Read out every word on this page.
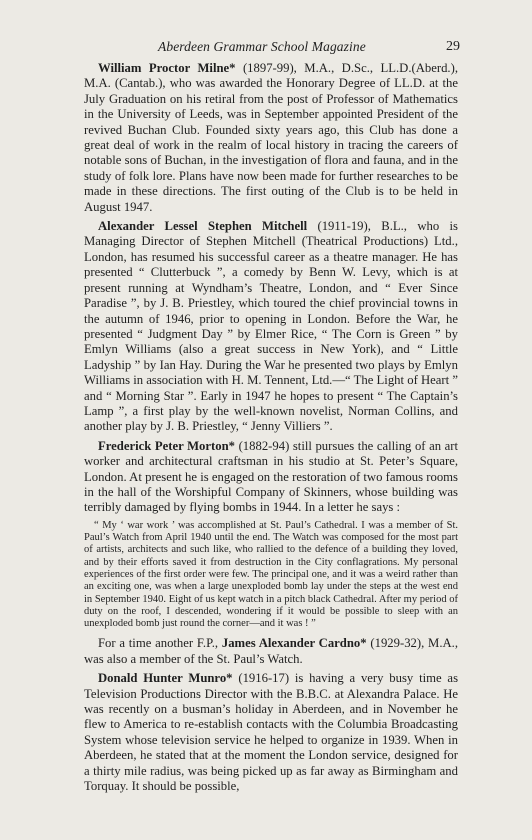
Aberdeen Grammar School Magazine	29

William Proctor Milne* (1897-99), M.A., D.Sc., LL.D.(Aberd.), M.A. (Cantab.), who was awarded the Honorary Degree of LL.D. at the July Graduation on his retiral from the post of Professor of Mathematics in the University of Leeds, was in September appointed President of the revived Buchan Club. Founded sixty years ago, this Club has done a great deal of work in the realm of local history in tracing the careers of notable sons of Buchan, in the investigation of flora and fauna, and in the study of folk lore. Plans have now been made for further researches to be made in these directions. The first outing of the Club is to be held in August 1947.

Alexander Lessel Stephen Mitchell (1911-19), B.L., who is Managing Director of Stephen Mitchell (Theatrical Productions) Ltd., London, has resumed his successful career as a theatre manager. He has presented “ Clutterbuck ”, a comedy by Benn W. Levy, which is at present running at Wyndham’s Theatre, London, and “ Ever Since Paradise ”, by J. B. Priestley, which toured the chief provincial towns in the autumn of 1946, prior to opening in London. Before the War, he presented “ Judgment Day ” by Elmer Rice, “ The Corn is Green ” by Emlyn Williams (also a great success in New York), and “ Little Ladyship ” by Ian Hay. During the War he presented two plays by Emlyn Williams in association with H. M. Tennent, Ltd.—“ The Light of Heart ” and “ Morning Star ”. Early in 1947 he hopes to present “ The Captain’s Lamp ”, a first play by the well-known novelist, Norman Collins, and another play by J. B. Priestley, “ Jenny Villiers ”.

Frederick Peter Morton* (1882-94) still pursues the calling of an art worker and architectural craftsman in his studio at St. Peter’s Square, London. At present he is engaged on the restoration of two famous rooms in the hall of the Worshipful Company of Skinners, whose building was terribly damaged by flying bombs in 1944. In a letter he says :

“ My ‘ war work ’ was accomplished at St. Paul’s Cathedral. I was a member of St. Paul’s Watch from April 1940 until the end. The Watch was composed for the most part of artists, architects and such like, who rallied to the defence of a building they loved, and by their efforts saved it from destruction in the City conflagrations. My personal experiences of the first order were few. The principal one, and it was a weird rather than an exciting one, was when a large unexploded bomb lay under the steps at the west end in September 1940. Eight of us kept watch in a pitch black Cathedral. After my period of duty on the roof, I descended, wondering if it would be possible to sleep with an unexploded bomb just round the corner—and it was ! ”

For a time another F.P., James Alexander Cardno* (1929-32), M.A., was also a member of the St. Paul’s Watch.

Donald Hunter Munro* (1916-17) is having a very busy time as Television Productions Director with the B.B.C. at Alexandra Palace. He was recently on a busman’s holiday in Aberdeen, and in November he flew to America to re-establish contacts with the Columbia Broadcasting System whose television service he helped to organize in 1939. When in Aberdeen, he stated that at the moment the London service, designed for a thirty mile radius, was being picked up as far away as Birmingham and Torquay. It should be possible,
